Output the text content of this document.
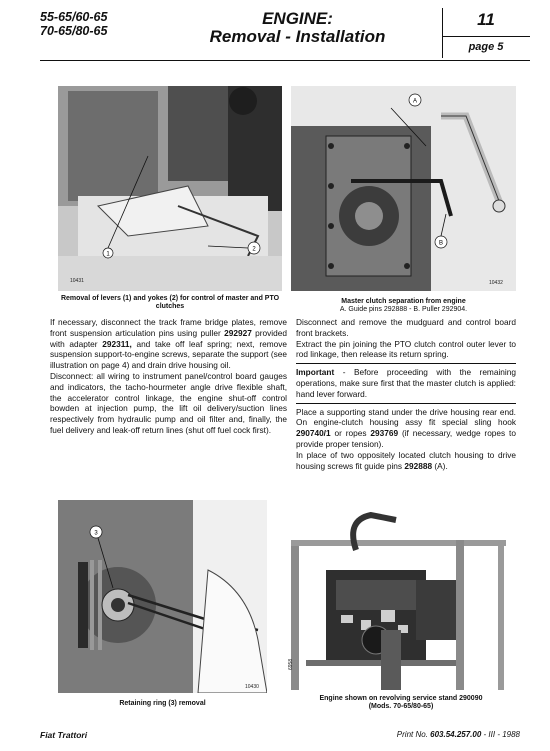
55-65/60-65
70-65/80-65
ENGINE:
Removal - Installation
11
page 5
1
2
10431
Removal of levers (1) and yokes (2) for control of master and PTO clutches
A
B
10432
Master clutch separation from engine
A. Guide pins 292888 - B. Puller 292904.

If necessary, disconnect the track frame bridge plates, remove front suspension articulation pins using puller 292927 provided with adapter 292311, and take off leaf spring; next, remove suspension support-to-engine screws, separate the support (see illustration on page 4) and drain drive housing oil.

Disconnect: all wiring to instrument panel/control board gauges and indicators, the tacho-hourmeter angle drive flexible shaft, the accelerator control linkage, the engine shut-off control bowden at injection pump, the lift oil delivery/suction lines respectively from hydraulic pump and oil filter and, finally, the fuel delivery and leak-off return lines (shut off fuel cock first).

Disconnect and remove the mudguard and control board front brackets.

Extract the pin joining the PTO clutch control outer lever to rod linkage, then release its return spring.

Important - Before proceeding with the remaining operations, make sure first that the master clutch is applied: hand lever forward.

Place a supporting stand under the drive housing rear end. On engine-clutch housing assy fit special sling hook 290740/1 or ropes 293769 (if necessary, wedge ropes to provide proper tension).

In place of two oppositely located clutch housing to drive housing screws fit guide pins 292888 (A).

3
10430
Retaining ring (3) removal
6958
Engine shown on revolving service stand 290090
(Mods. 70-65/80-65)
Fiat Trattori	Print No. 603.54.257.00 - III - 1988
